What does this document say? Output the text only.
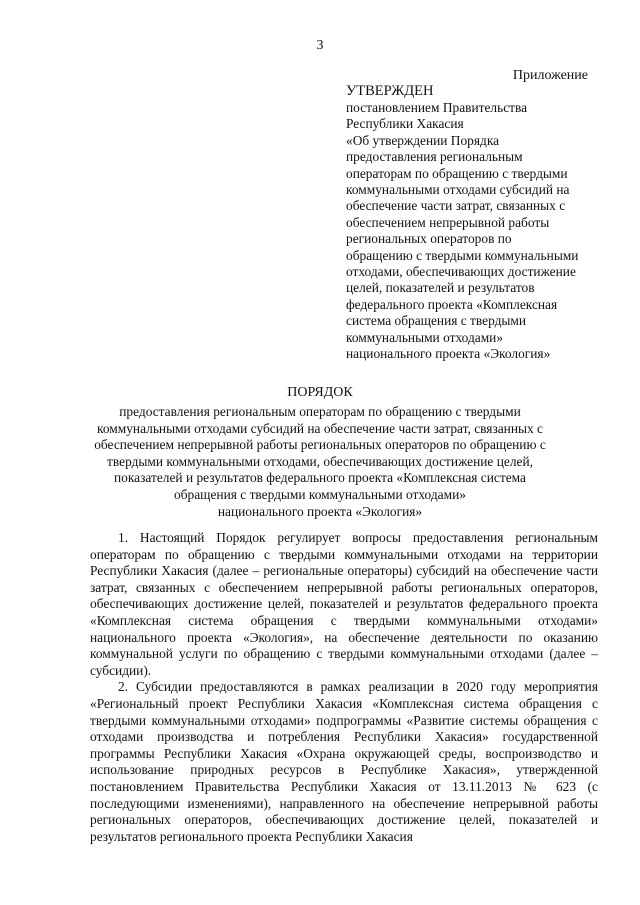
3
Приложение
УТВЕРЖДЕН
постановлением Правительства
Республики Хакасия
«Об утверждении Порядка
предоставления региональным
операторам по обращению с твердыми
коммунальными отходами субсидий на
обеспечение части затрат, связанных с
обеспечением непрерывной работы
региональных операторов по
обращению с твердыми коммунальными
отходами, обеспечивающих достижение
целей, показателей и результатов
федерального проекта «Комплексная
система обращения с твердыми
коммунальными отходами»
национального проекта «Экология»
ПОРЯДОК
предоставления региональным операторам по обращению с твердыми
коммунальными отходами субсидий на обеспечение части затрат, связанных с
обеспечением непрерывной работы региональных операторов по обращению с
твердыми коммунальными отходами, обеспечивающих достижение целей,
показателей и результатов федерального проекта «Комплексная система
обращения с твердыми коммунальными отходами»
национального проекта «Экология»

1. Настоящий Порядок регулирует вопросы предоставления региональным операторам по обращению с твердыми коммунальными отходами на территории Республики Хакасия (далее – региональные операторы) субсидий на обеспечение части затрат, связанных с обеспечением непрерывной работы региональных операторов, обеспечивающих достижение целей, показателей и результатов федерального проекта «Комплексная система обращения с твердыми коммунальными отходами» национального проекта «Экология», на обеспечение деятельности по оказанию коммунальной услуги по обращению с твердыми коммунальными отходами (далее – субсидии).

2. Субсидии предоставляются в рамках реализации в 2020 году мероприятия «Региональный проект Республики Хакасия «Комплексная система обращения с твердыми коммунальными отходами» подпрограммы «Развитие системы обращения с отходами производства и потребления Республики Хакасия» государственной программы Республики Хакасия «Охрана окружающей среды, воспроизводство и использование природных ресурсов в Республике Хакасия», утвержденной постановлением Правительства Республики Хакасия от 13.11.2013 № 623 (с последующими изменениями), направленного на обеспечение непрерывной работы региональных операторов, обеспечивающих достижение целей, показателей и результатов регионального проекта Республики Хакасия
